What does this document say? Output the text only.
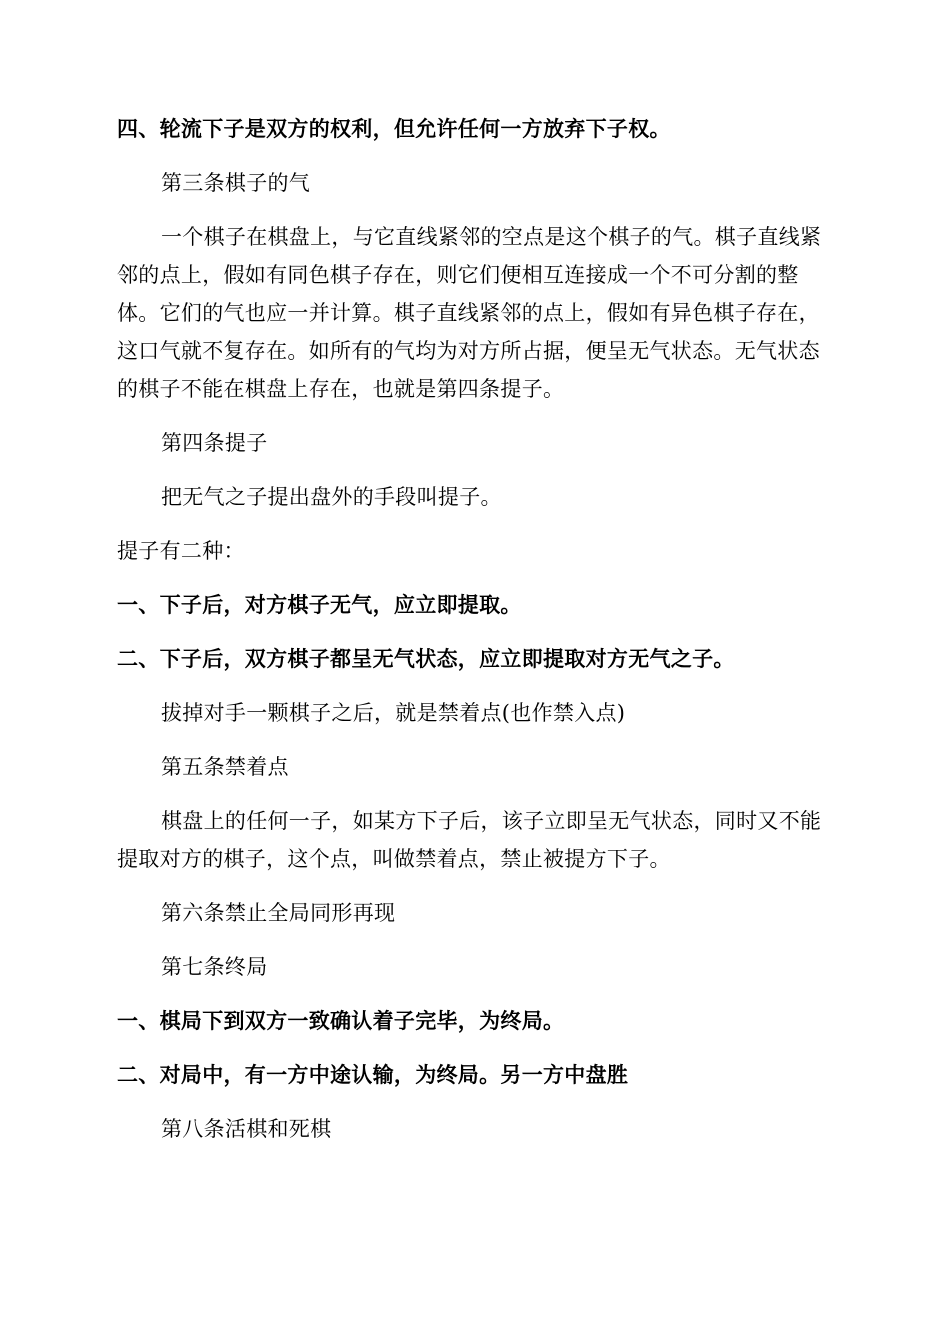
四、轮流下子是双方的权利，但允许任何一方放弃下子权。

第三条棋子的气

一个棋子在棋盘上，与它直线紧邻的空点是这个棋子的气。棋子直线紧邻的点上，假如有同色棋子存在，则它们便相互连接成一个不可分割的整体。它们的气也应一并计算。棋子直线紧邻的点上，假如有异色棋子存在，这口气就不复存在。如所有的气均为对方所占据，便呈无气状态。无气状态的棋子不能在棋盘上存在，也就是第四条提子。

第四条提子

把无气之子提出盘外的手段叫提子。

提子有二种：

一、下子后，对方棋子无气，应立即提取。

二、下子后，双方棋子都呈无气状态，应立即提取对方无气之子。

拔掉对手一颗棋子之后，就是禁着点(也作禁入点)

第五条禁着点

棋盘上的任何一子，如某方下子后，该子立即呈无气状态，同时又不能提取对方的棋子，这个点，叫做禁着点，禁止被提方下子。

第六条禁止全局同形再现

第七条终局

一、棋局下到双方一致确认着子完毕，为终局。

二、对局中，有一方中途认输，为终局。另一方中盘胜

第八条活棋和死棋
